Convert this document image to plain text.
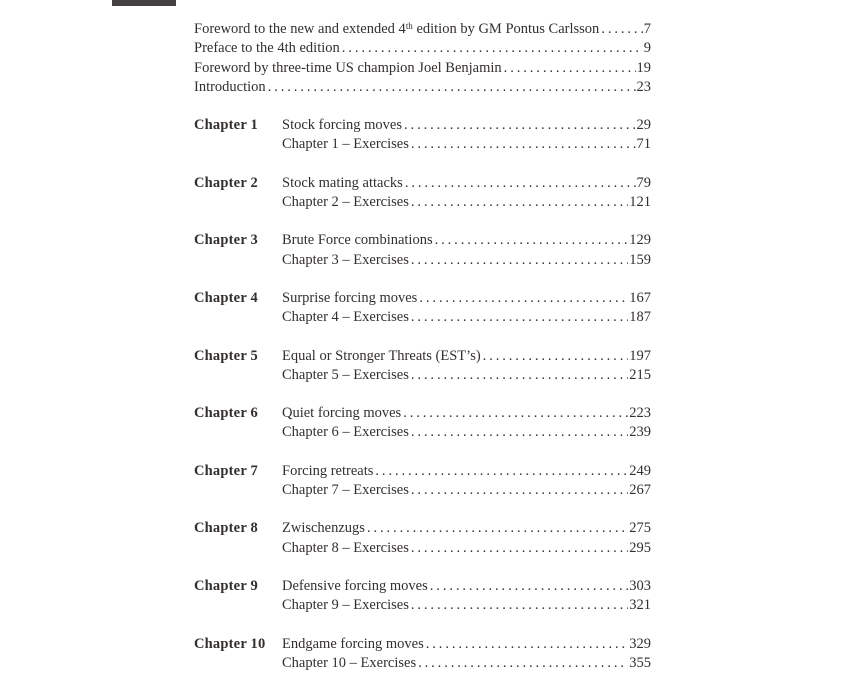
Foreword to the new and extended 4th edition by GM Pontus Carlsson .....	7
Preface to the 4th edition .....	9
Foreword by three-time US champion Joel Benjamin .....	19
Introduction .....	23
Chapter 1	Stock forcing moves .....	29
Chapter 1 – Exercises .....	71
Chapter 2	Stock mating attacks .....	79
Chapter 2 – Exercises .....	121
Chapter 3	Brute Force combinations .....	129
Chapter 3 – Exercises .....	159
Chapter 4	Surprise forcing moves .....	167
Chapter 4 – Exercises .....	187
Chapter 5	Equal or Stronger Threats (EST’s) .....	197
Chapter 5 – Exercises .....	215
Chapter 6	Quiet forcing moves .....	223
Chapter 6 – Exercises .....	239
Chapter 7	Forcing retreats .....	249
Chapter 7 – Exercises .....	267
Chapter 8	Zwischenzugs .....	275
Chapter 8 – Exercises .....	295
Chapter 9	Defensive forcing moves .....	303
Chapter 9 – Exercises .....	321
Chapter 10	Endgame forcing moves .....	329
Chapter 10 – Exercises .....	355
